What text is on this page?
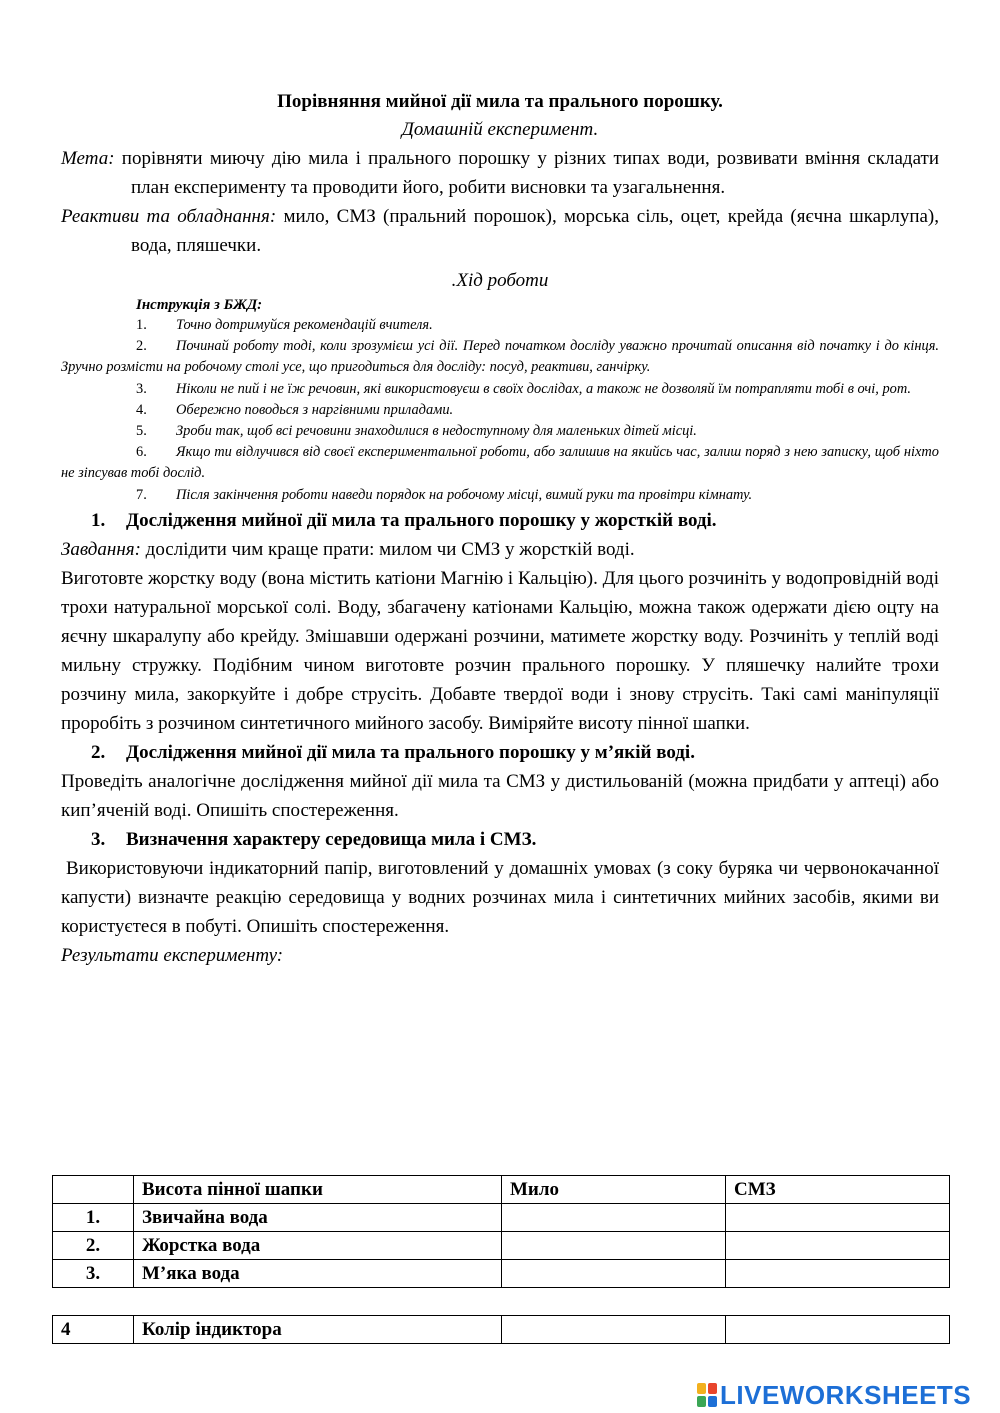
Порівняння мийної дії мила та прального порошку.
Домашній експеримент.
Мета: порівняти миючу дію мила і прального порошку у різних типах води, розвивати вміння складати план експерименту та проводити його, робити висновки та узагальнення.
Реактиви та обладнання: мило, СМЗ (пральний порошок), морська сіль, оцет, крейда (яєчна шкарлупа), вода, пляшечки.
.Хід роботи
Інструкція з БЖД:
1. Точно дотримуйся рекомендацій вчителя.
2. Починай роботу тоді, коли зрозумієш усі дії. Перед початком досліду уважно прочитай описання від початку і до кінця. Зручно розмісти на робочому столі усе, що пригодиться для досліду: посуд, реактиви, ганчірку.
3. Ніколи не пий і не їж речовин, які використовуєш в своїх дослідах, а також не дозволяй їм потрапляти тобі в очі, рот.
4. Обережно поводься з наргівними приладами.
5. Зроби так, щоб всі речовини знаходилися в недоступному для маленьких дітей місці.
6. Якщо ти відлучився від своєї експериментальної роботи, або залишив на якийсь час, залиш поряд з нею записку, щоб ніхто не зіпсував тобі дослід.
7. Після закінчення роботи наведи порядок на робочому місці, вимий руки та провітри кімнату.
1. Дослідження мийної дії мила та прального порошку у жорсткій воді.
Завдання: дослідити чим краще прати: милом чи СМЗ у жорсткій воді.
Виготовте жорстку воду (вона містить катіони Магнію і Кальцію). Для цього розчиніть у водопровідній воді трохи натуральної морської солі. Воду, збагачену катіонами Кальцію, можна також одержати дією оцту на яєчну шкаралупу або крейду. Змішавши одержані розчини, матимете жорстку воду. Розчиніть у теплій воді мильну стружку. Подібним чином виготовте розчин прального порошку. У пляшечку налийте трохи розчину мила, закоркуйте і добре струсіть. Добавте твердої води і знову струсіть. Такі самі маніпуляції проробіть з розчином синтетичного мийного засобу. Виміряйте висоту пінної шапки.
2. Дослідження мийної дії мила та прального порошку у м’якій воді.
Проведіть аналогічне дослідження мийної дії мила та СМЗ у дистильованій (можна придбати у аптеці) або кип’яченій воді. Опишіть спостереження.
3. Визначення характеру середовища мила і СМЗ.
Використовуючи індикаторний папір, виготовлений у домашніх умовах (з соку буряка чи червонокачанної капусти) визначте реакцію середовища у водних розчинах мила і синтетичних мийних засобів, якими ви користуєтеся в побуті. Опишіть спостереження.
Результати експерименту:
	Висота пінної шапки	Мило	СМЗ
1.	Звичайна вода		
2.	Жорстка вода		
3.	М’яка вода		
4	Колір індиктора		
LIVEWORKSHEETS
